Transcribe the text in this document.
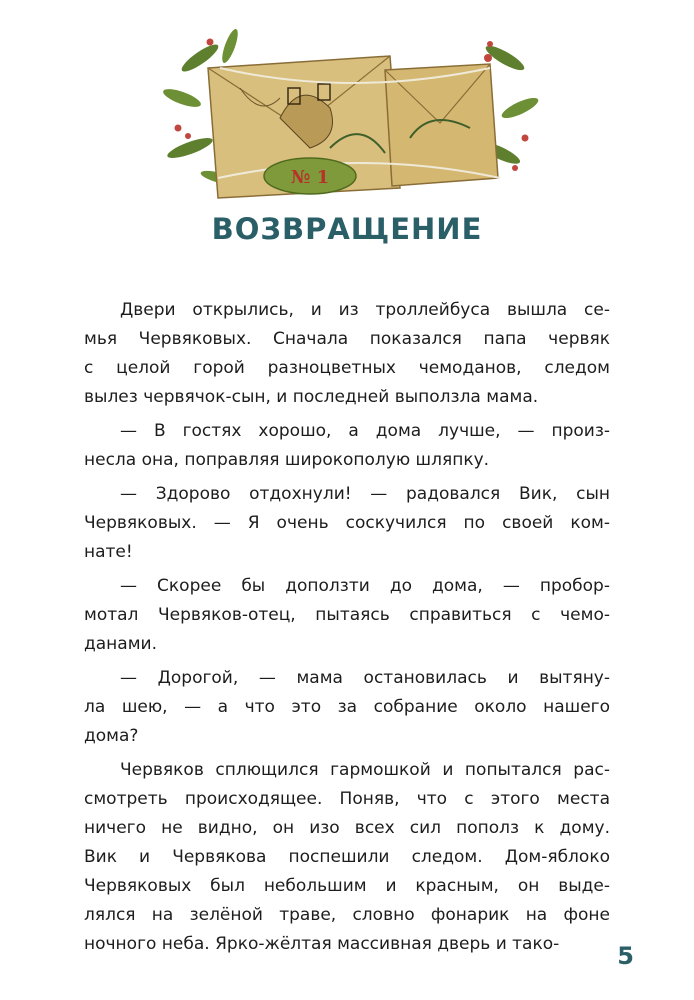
№ 1
ВОЗВРАЩЕНИЕ

Двери открылись, и из троллейбуса вышла се-
мья Червяковых. Сначала показался папа червяк
с целой горой разноцветных чемоданов, следом
вылез червячок-сын, и последней выползла мама.

— В гостях хорошо, а дома лучше, — произ-
несла она, поправляя широкополую шляпку.

— Здорово отдохнули! — радовался Вик, сын
Червяковых. — Я очень соскучился по своей ком-
нате!

— Скорее бы доползти до дома, — пробор-
мотал Червяков-отец, пытаясь справиться с чемо-
данами.

— Дорогой, — мама остановилась и вытяну-
ла шею, — а что это за собрание около нашего
дома?

Червяков сплющился гармошкой и попытался рас-
смотреть происходящее. Поняв, что с этого места
ничего не видно, он изо всех сил пополз к дому.
Вик и Червякова поспешили следом. Дом-яблоко
Червяковых был небольшим и красным, он выде-
лялся на зелёной траве, словно фонарик на фоне
ночного неба. Ярко-жёлтая массивная дверь и тако-	5
